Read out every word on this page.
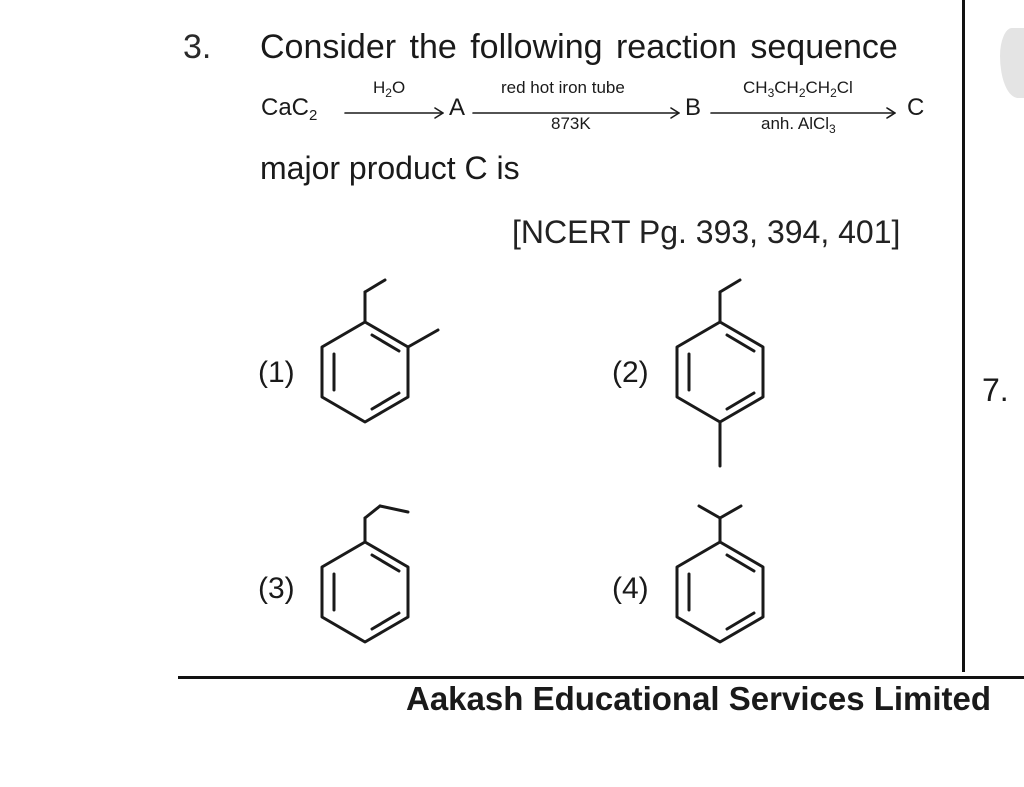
3. Consider the following reaction sequence
CaC$_2$
$H_2O$
A
red hot iron tube
873K
B
$CH_3CH_2CH_2Cl$
anh. AlCl$_3$
C
major product C is
[NCERT Pg. 393, 394, 401]
(1)	(2)
(3)	(4)
7.
Aakash Educational Services Limited
